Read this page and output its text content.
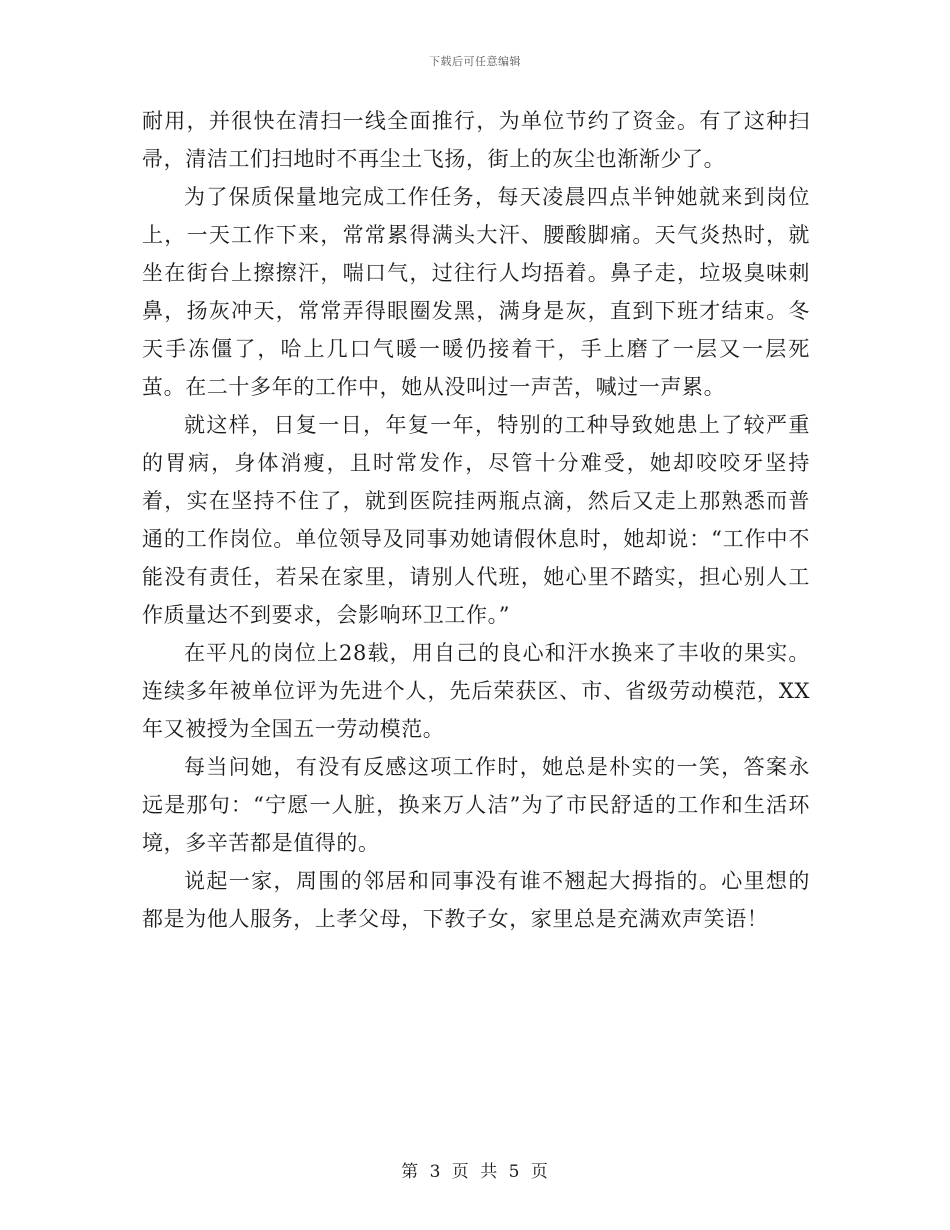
下载后可任意编辑

耐用，并很快在清扫一线全面推行，为单位节约了资金。有了这种扫帚，清洁工们扫地时不再尘土飞扬，街上的灰尘也渐渐少了。

为了保质保量地完成工作任务，每天凌晨四点半钟她就来到岗位上，一天工作下来，常常累得满头大汗、腰酸脚痛。天气炎热时，就坐在街台上擦擦汗，喘口气，过往行人均捂着。鼻子走，垃圾臭味刺鼻，扬灰冲天，常常弄得眼圈发黑，满身是灰，直到下班才结束。冬天手冻僵了，哈上几口气暖一暖仍接着干，手上磨了一层又一层死茧。在二十多年的工作中，她从没叫过一声苦，喊过一声累。

就这样，日复一日，年复一年，特别的工种导致她患上了较严重的胃病，身体消瘦，且时常发作，尽管十分难受，她却咬咬牙坚持着，实在坚持不住了，就到医院挂两瓶点滴，然后又走上那熟悉而普通的工作岗位。单位领导及同事劝她请假休息时，她却说：“工作中不能没有责任，若呆在家里，请别人代班，她心里不踏实，担心别人工作质量达不到要求，会影响环卫工作。”

在平凡的岗位上28载，用自己的良心和汗水换来了丰收的果实。连续多年被单位评为先进个人，先后荣获区、市、省级劳动模范，XX年又被授为全国五一劳动模范。

每当问她，有没有反感这项工作时，她总是朴实的一笑，答案永远是那句：“宁愿一人脏，换来万人洁”为了市民舒适的工作和生活环境，多辛苦都是值得的。

说起一家，周围的邻居和同事没有谁不翘起大拇指的。心里想的都是为他人服务，上孝父母，下教子女，家里总是充满欢声笑语！

第 3 页 共 5 页
